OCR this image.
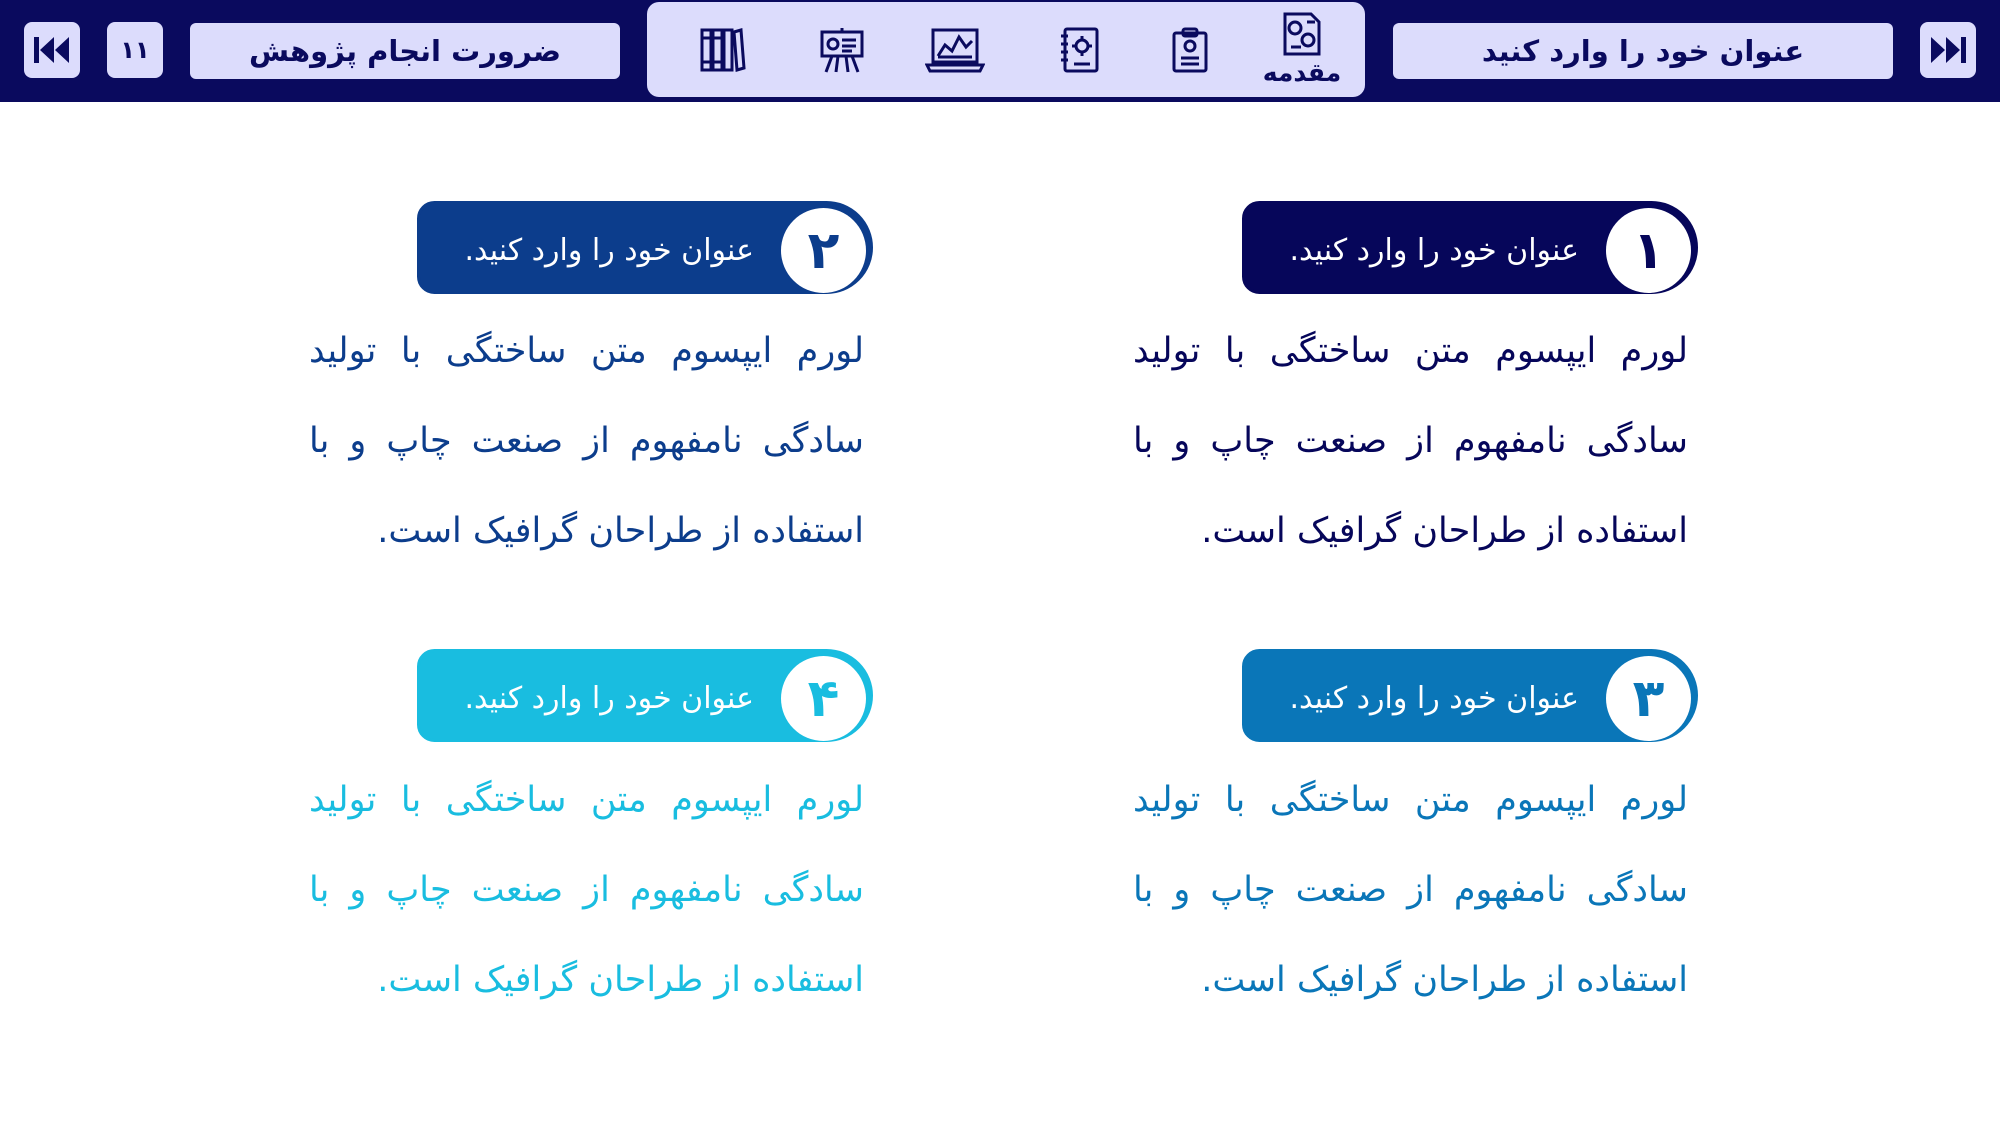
۱۱	ضرورت انجام پژوهش
مقدمه
عنوان خود را وارد کنید
۱
عنوان خود را وارد کنید.
لورم ایپسوم متن ساختگی با تولید سادگی نامفهوم از صنعت چاپ و با استفاده از طراحان گرافیک است.
۲
عنوان خود را وارد کنید.
لورم ایپسوم متن ساختگی با تولید سادگی نامفهوم از صنعت چاپ و با استفاده از طراحان گرافیک است.
۳
عنوان خود را وارد کنید.
لورم ایپسوم متن ساختگی با تولید سادگی نامفهوم از صنعت چاپ و با استفاده از طراحان گرافیک است.
۴
عنوان خود را وارد کنید.
لورم ایپسوم متن ساختگی با تولید سادگی نامفهوم از صنعت چاپ و با استفاده از طراحان گرافیک است.
